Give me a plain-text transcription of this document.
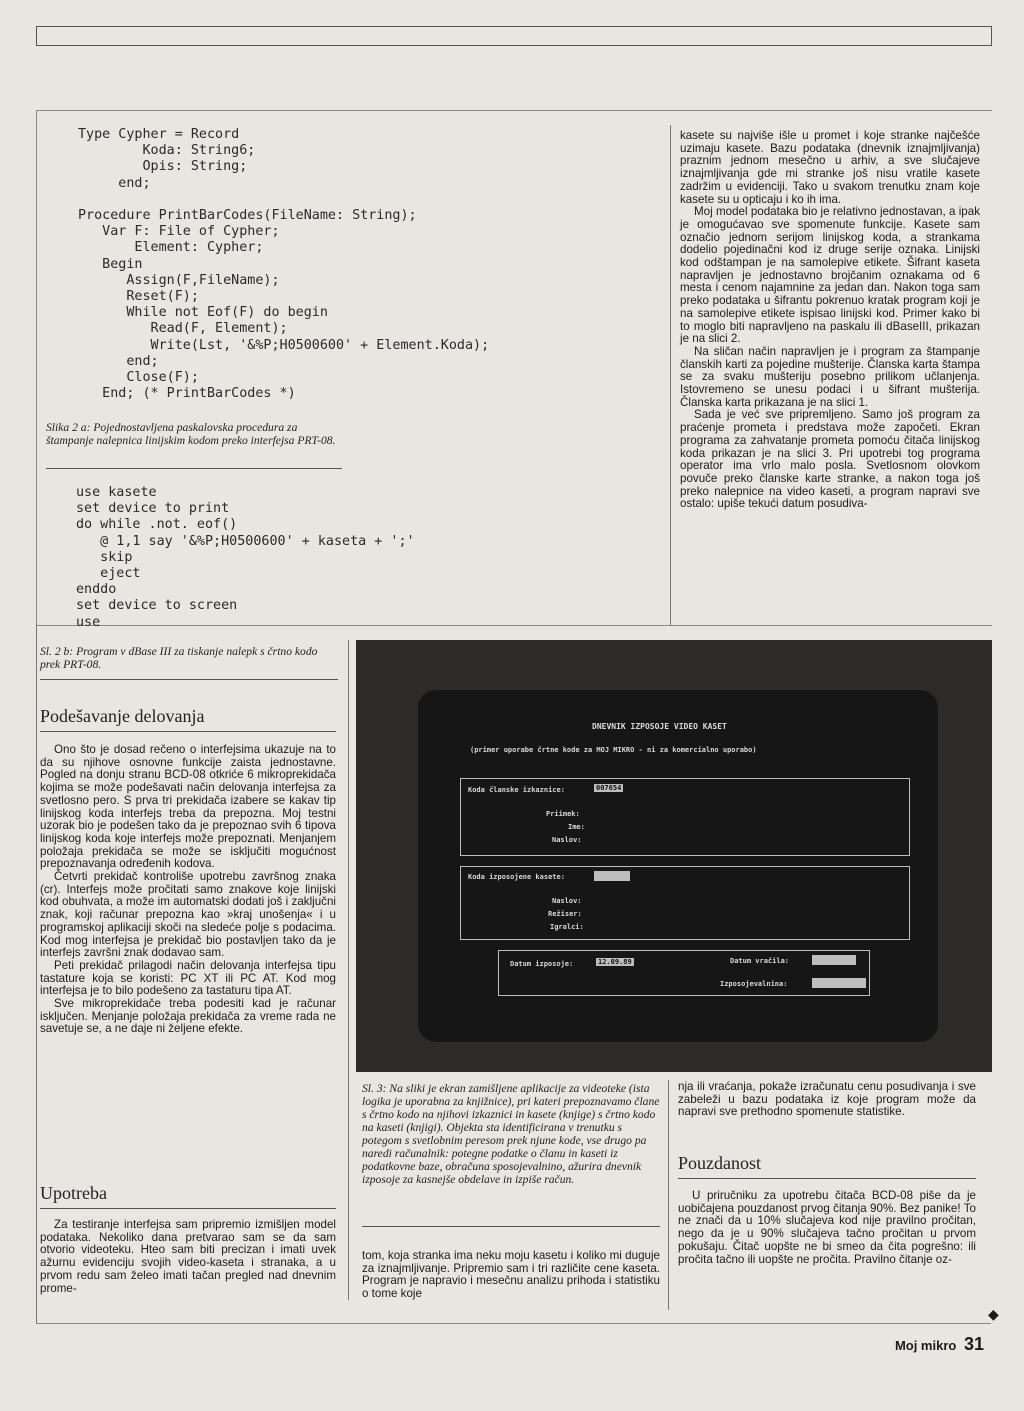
Type Cypher = Record
Koda: String6;
Opis: String;
end;

Procedure PrintBarCodes(FileName: String);
Var F: File of Cypher;
Element: Cypher;
Begin
Assign(F,FileName);
Reset(F);
While not Eof(F) do begin
Read(F, Element);
Write(Lst, '&%P;H0500600' + Element.Koda);
end;
Close(F);
End; (* PrintBarCodes *)
Slika 2 a: Pojednostavljena paskalovska procedura za štampanje nalepnica linijskim kodom preko interfejsa PRT-08.
use kasete
set device to print
do while .not. eof()
@ 1,1 say '&%P;H0500600' + kaseta + ';'
skip
eject
enddo
set device to screen
use
Sl. 2 b: Program v dBase III za tiskanje nalepk s črtno kodo prek PRT-08.
Podešavanje delovanja

Ono što je dosad rečeno o interfejsima ukazuje na to da su njihove osnovne funkcije zaista jednostavne. Pogled na donju stranu BCD-08 otkriće 6 mikroprekidača kojima se može podešavati način delovanja interfejsa za svetlosno pero. S prva tri prekidača izabere se kakav tip linijskog koda interfejs treba da prepozna. Moj testni uzorak bio je podešen tako da je prepoznao svih 6 tipova linijskog koda koje interfejs može prepoznati. Menjanjem položaja prekidača se može se isključiti mogućnost prepoznavanja određenih kodova.

Četvrti prekidač kontroliše upotrebu završnog znaka (cr). Interfejs može pročitati samo znakove koje linijski kod obuhvata, a može im automatski dodati još i zaključni znak, koji računar prepozna kao »kraj unošenja« i u programskoj aplikaciji skoči na sledeće polje s podacima. Kod mog interfejsa je prekidač bio postavljen tako da je interfejs završni znak dodavao sam.

Peti prekidač prilagodi način delovanja interfejsa tipu tastature koja se koristi: PC XT ili PC AT. Kod mog interfejsa je to bilo podešeno za tastaturu tipa AT.

Sve mikroprekidače treba podesiti kad je računar isključen. Menjanje položaja prekidača za vreme rada ne savetuje se, a ne daje ni željene efekte.

Upotreba

Za testiranje interfejsa sam pripremio izmišljen model podataka. Nekoliko dana pretvarao sam se da sam otvorio videoteku. Hteo sam biti precizan i imati uvek ažurnu evidenciju svojih video-kaseta i stranaka, a u prvom redu sam želeo imati tačan pregled nad dnevnim prome-

kasete su najviše išle u promet i koje stranke najčešće uzimaju kasete. Bazu podataka (dnevnik iznajmljivanja) praznim jednom mesečno u arhiv, a sve slučajeve iznajmljivanja gde mi stranke još nisu vratile kasete zadržim u evidenciji. Tako u svakom trenutku znam koje kasete su u opticaju i ko ih ima.

Moj model podataka bio je relativno jednostavan, a ipak je omogućavao sve spomenute funkcije. Kasete sam označio jednom serijom linijskog koda, a strankama dodelio pojedinačni kod iz druge serije oznaka. Linijski kod odštampan je na samolepive etikete. Šifrant kaseta napravljen je jednostavno brojčanim oznakama od 6 mesta i cenom najamnine za jedan dan. Nakon toga sam preko podataka u šifrantu pokrenuo kratak program koji je na samolepive etikete ispisao linijski kod. Primer kako bi to moglo biti napravljeno na paskalu ili dBaseIII, prikazan je na slici 2.

Na sličan način napravljen je i program za štampanje članskih karti za pojedine mušterije. Članska karta štampa se za svaku mušteriju posebno prilikom učlanjenja. Istovremeno se unesu podaci i u šifrant mušterija. Članska karta prikazana je na slici 1.

Sada je već sve pripremljeno. Samo još program za praćenje prometa i predstava može započeti. Ekran programa za zahvatanje prometa pomoću čitača linijskog koda prikazan je na slici 3. Pri upotrebi tog programa operator ima vrlo malo posla. Svetlosnom olovkom povuče preko članske karte stranke, a nakon toga još preko nalepnice na video kaseti, a program napravi sve ostalo: upiše tekući datum posudiva-

DNEVNIK IZPOSOJE VIDEO KASET
(primer uporabe črtne kode za MOJ MIKRO - ni za komercialno uporabo)
Koda članske izkaznice:	007654
Priimek:
Ime:
Naslov:
Koda izposojene kasete:
Naslov:
Režiser:
Igralci:
Datum izposoje:	12.09.89	Datum vračila:
Izposojevalnina:
Sl. 3: Na sliki je ekran zamišljene aplikacije za videoteke (ista logika je uporabna za knjižnice), pri kateri prepoznavamo člane s črtno kodo na njihovi izkaznici in kasete (knjige) s črtno kodo na kaseti (knjigi). Objekta sta identificirana v trenutku s potegom s svetlobnim peresom prek njune kode, vse drugo pa naredi računalnik: potegne podatke o članu in kaseti iz podatkovne baze, obračuna sposojevalnino, ažurira dnevnik izposoje za kasnejše obdelave in izpiše račun.

tom, koja stranka ima neku moju kasetu i koliko mi duguje za iznajmljivanje. Pripremio sam i tri različite cene kaseta. Program je napravio i mesečnu analizu prihoda i statistiku o tome koje

nja ili vraćanja, pokaže izračunatu cenu posudivanja i sve zabeleži u bazu podataka iz koje program može da napravi sve prethodno spomenute statistike.

Pouzdanost

U priručniku za upotrebu čitača BCD-08 piše da je uobičajena pouzdanost prvog čitanja 90%. Bez panike! To ne znači da u 10% slučajeva kod nije pravilno pročitan, nego da je u 90% slučajeva tačno pročitan u prvom pokušaju. Čitač uopšte ne bi smeo da čita pogrešno: ili pročita tačno ili uopšte ne pročita. Pravilno čitanje oz-

◆
Moj mikro 31
